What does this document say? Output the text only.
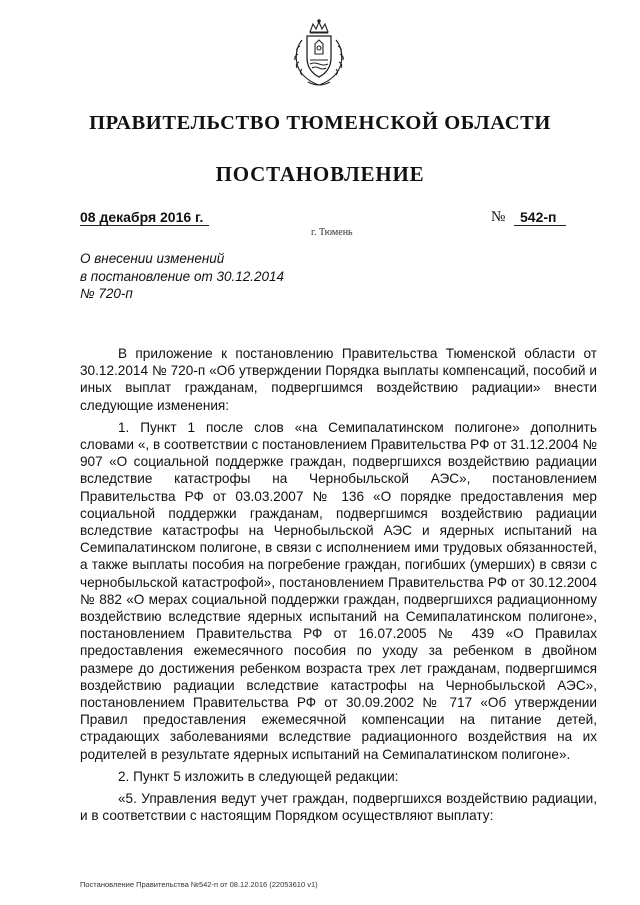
ПРАВИТЕЛЬСТВО ТЮМЕНСКОЙ ОБЛАСТИ
ПОСТАНОВЛЕНИЕ
08 декабря 2016 г.	№	542-п
г. Тюмень
О внесении изменений
в постановление от 30.12.2014
№ 720-п

В приложение к постановлению Правительства Тюменской области от 30.12.2014 № 720-п «Об утверждении Порядка выплаты компенсаций, пособий и иных выплат гражданам, подвергшимся воздействию радиации» внести следующие изменения:

1. Пункт 1 после слов «на Семипалатинском полигоне» дополнить словами «, в соответствии с постановлением Правительства РФ от 31.12.2004 № 907 «О социальной поддержке граждан, подвергшихся воздействию радиации вследствие катастрофы на Чернобыльской АЭС», постановлением Правительства РФ от 03.03.2007 № 136 «О порядке предоставления мер социальной поддержки гражданам, подвергшимся воздействию радиации вследствие катастрофы на Чернобыльской АЭС и ядерных испытаний на Семипалатинском полигоне, в связи с исполнением ими трудовых обязанностей, а также выплаты пособия на погребение граждан, погибших (умерших) в связи с чернобыльской катастрофой», постановлением Правительства РФ от 30.12.2004 № 882 «О мерах социальной поддержки граждан, подвергшихся радиационному воздействию вследствие ядерных испытаний на Семипалатинском полигоне», постановлением Правительства РФ от 16.07.2005 № 439 «О Правилах предоставления ежемесячного пособия по уходу за ребенком в двойном размере до достижения ребенком возраста трех лет гражданам, подвергшимся воздействию радиации вследствие катастрофы на Чернобыльской АЭС», постановлением Правительства РФ от 30.09.2002 № 717 «Об утверждении Правил предоставления ежемесячной компенсации на питание детей, страдающих заболеваниями вследствие радиационного воздействия на их родителей в результате ядерных испытаний на Семипалатинском полигоне».

2. Пункт 5 изложить в следующей редакции:

«5. Управления ведут учет граждан, подвергшихся воздействию радиации, и в соответствии с настоящим Порядком осуществляют выплату:

Постановление Правительства №542-п от 08.12.2016 (22053610 v1)
